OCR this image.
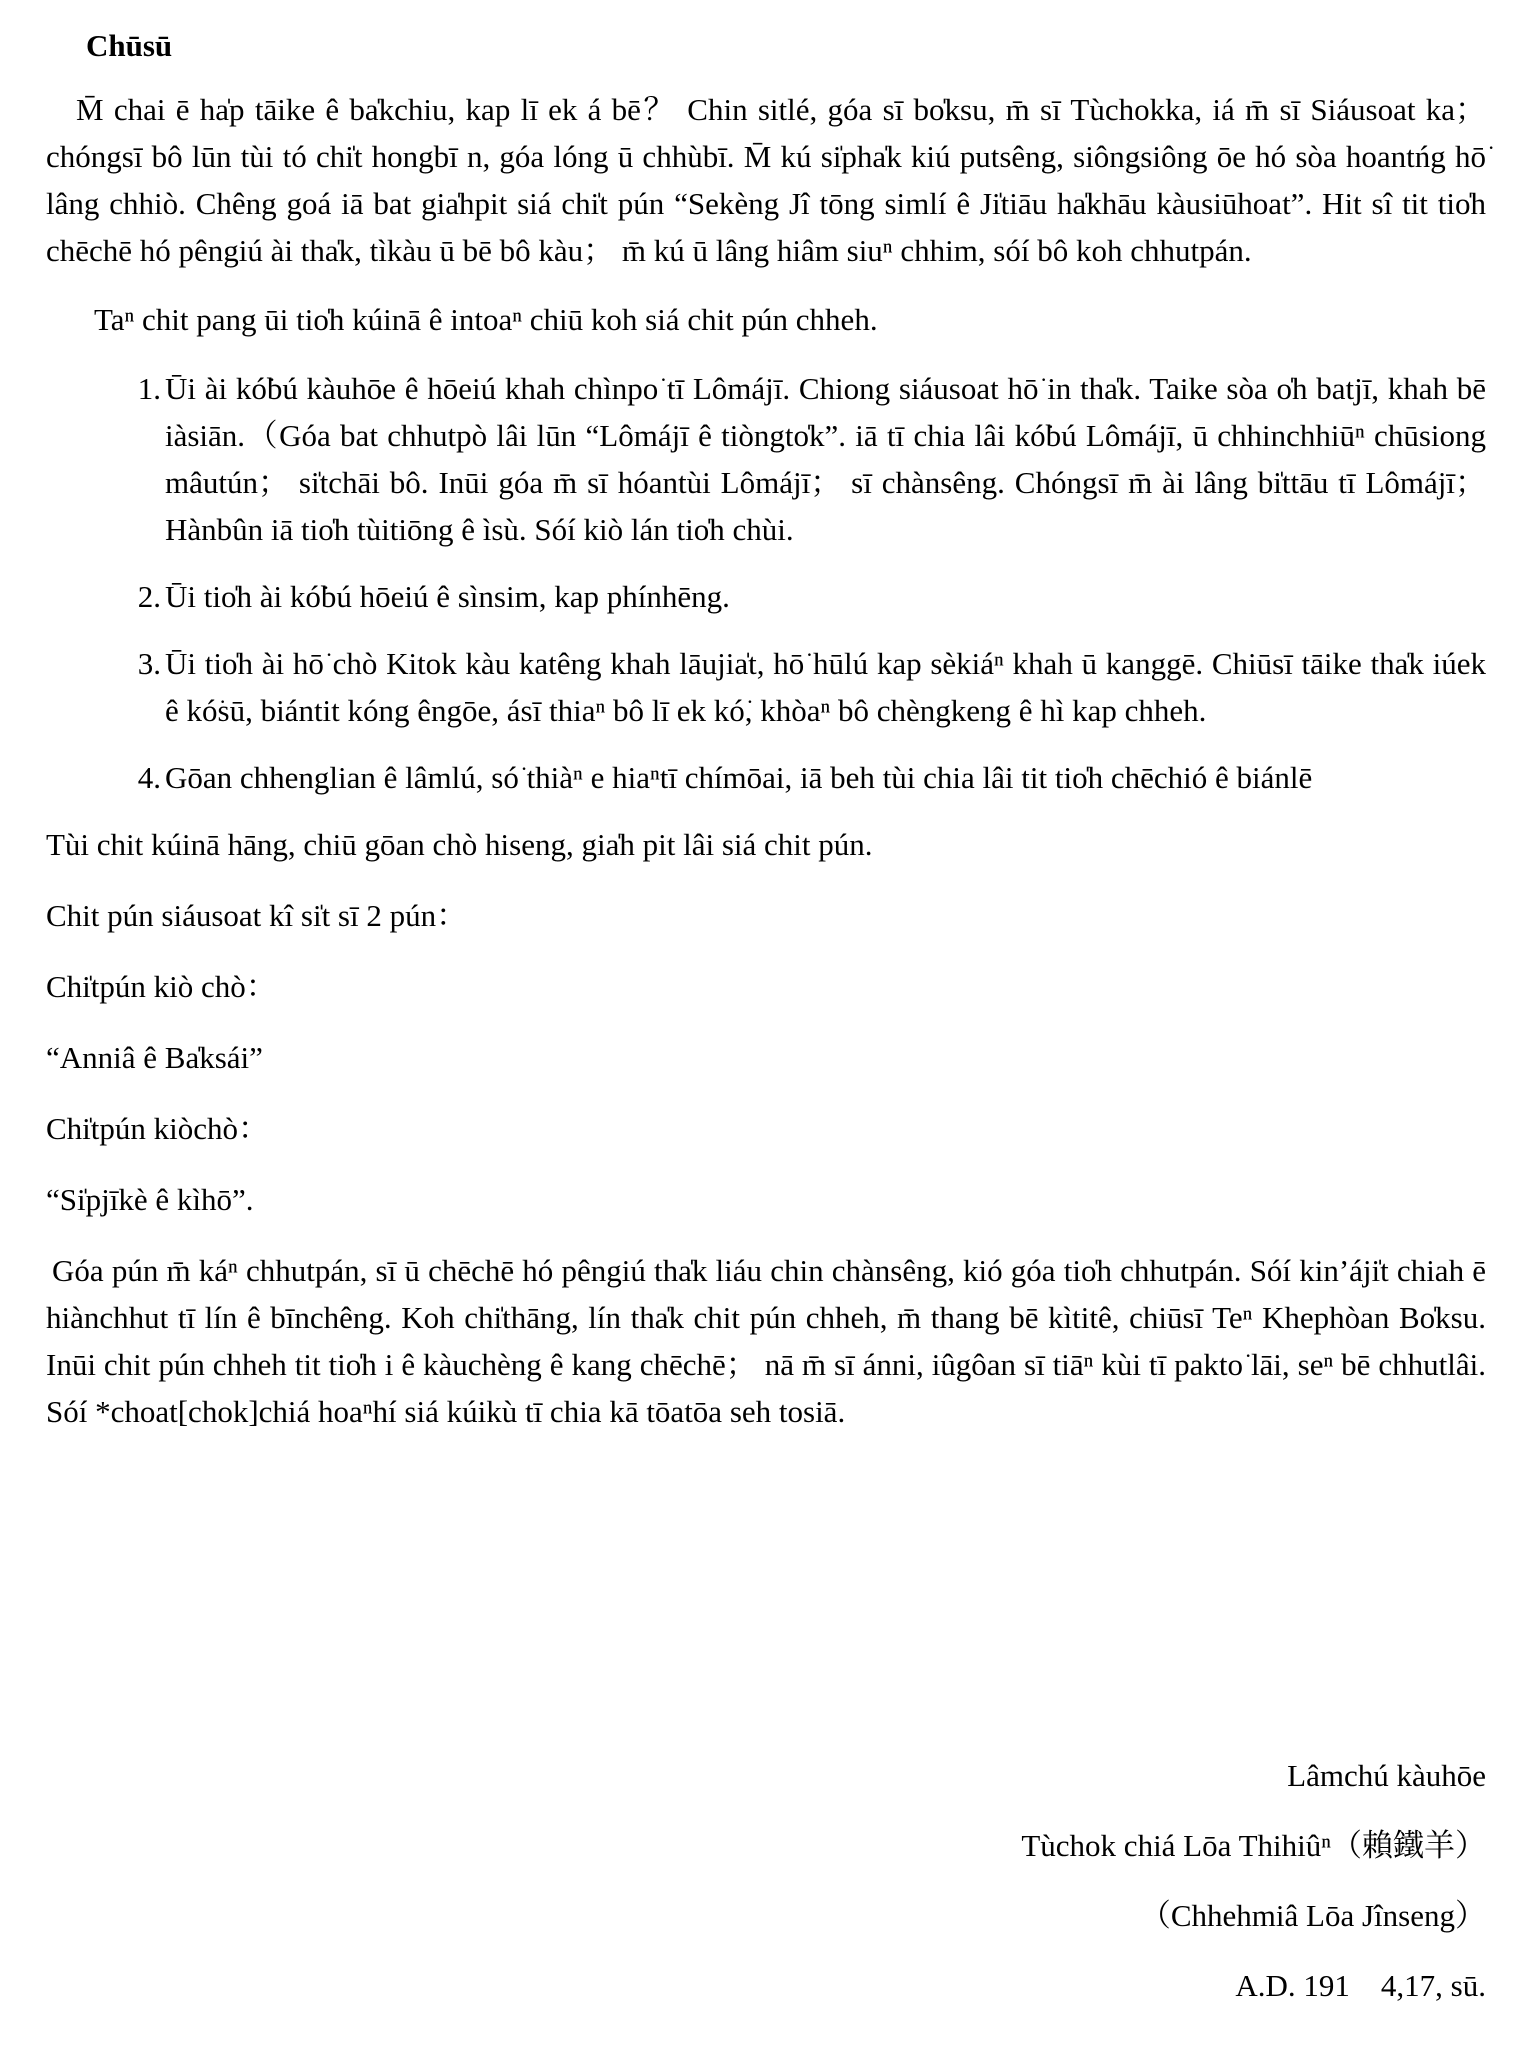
Chūsū

M̄ chai ē ha̍p tāike ê ba̍kchiu, kap lī ek á bē？ Chin sitlé, góa sī bo̍ksu, m̄ sī Tùchokka, iá m̄ sī Siáusoat ka； chóngsī bô lūn tùi tó chi̍t hongbī n, góa lóng ū chhùbī. M̄ kú si̍pha̍k kiú putsêng, siôngsiông ōe hó sòa hoantńg hō͘ lâng chhiò. Chêng goá iā bat gia̍hpit siá chi̍t pún “Sekèng Jî tōng simlí ê Ji̍tiāu ha̍khāu kàusiūhoat”. Hit sî tit tio̍h chēchē hó pêngiú ài tha̍k, tìkàu ū bē bô kàu； m̄ kú ū lâng hiâm siuⁿ chhim, sóí bô koh chhutpán.

Taⁿ chit pang ūi tio̍h kúinā ê intoaⁿ chiū koh siá chit pún chheh.

1. Ūi ài kó͘bú kàuhōe ê hōeiú khah chìnpo͘ tī Lômájī. Chiong siáusoat hō͘ in tha̍k. Taike sòa o̍h batjī, khah bē iàsiān.（Góa bat chhutpò lâi lūn “Lômájī ê tiòngto̍k”. iā tī chia lâi kó͘bú Lômájī, ū chhinchhiūⁿ chūsiong mâutún； si̍tchāi bô. Inūi góa m̄ sī hóantùi Lômájī； sī chànsêng. Chóngsī m̄ ài lâng bi̍ttāu tī Lômájī； Hànbûn iā tio̍h tùitiōng ê ìsù. Sóí kiò lán tio̍h chùi.
2. Ūi tio̍h ài kó͘bú hōeiú ê sìnsim, kap phínhēng.
3. Ūi tio̍h ài hō͘ chò Kitok kàu katêng khah lāujia̍t, hō͘ hūlú kap sèkiáⁿ khah ū kanggē. Chiūsī tāike tha̍k iúek ê kó͘sū, biántit kóng êngōe, ásī thiaⁿ bô lī ek kó͘, khòaⁿ bô chèngkeng ê hì kap chheh.
4. Gōan chhenglian ê lâmlú, só͘ thiàⁿ e hiaⁿtī chímōai, iā beh tùi chia lâi tit tio̍h chēchió ê biánlē

Tùi chit kúinā hāng, chiū gōan chò hiseng, gia̍h pit lâi siá chit pún.

Chit pún siáusoat kî si̍t sī 2 pún：

Chi̍tpún kiò chò：

“Anniâ ê Ba̍ksái”

Chi̍tpún kiòchò：

“Si̍pjīkè ê kìhō”.

Góa pún m̄ káⁿ chhutpán, sī ū chēchē hó pêngiú tha̍k liáu chin chànsêng, kió góa tio̍h chhutpán. Sóí kin’áji̍t chiah ē hiànchhut tī lín ê bīnchêng. Koh chi̍thāng, lín tha̍k chit pún chheh, m̄ thang bē kìtitê, chiūsī Teⁿ Khephòan Bo̍ksu. Inūi chit pún chheh tit tio̍h i ê kàuchèng ê kang chēchē； nā m̄ sī ánni, iûgôan sī tiāⁿ kùi tī pakto͘ lāi, seⁿ bē chhutlâi. Sóí *choat[chok]chiá hoaⁿhí siá kúikù tī chia kā tōatōa seh tosiā.

Lâmchú kàuhōe
Tùchok chiá Lōa Thihiûⁿ（賴鐵羊）
（Chhehmiâ Lōa Jînseng）
A.D. 191　4,17, sū.
